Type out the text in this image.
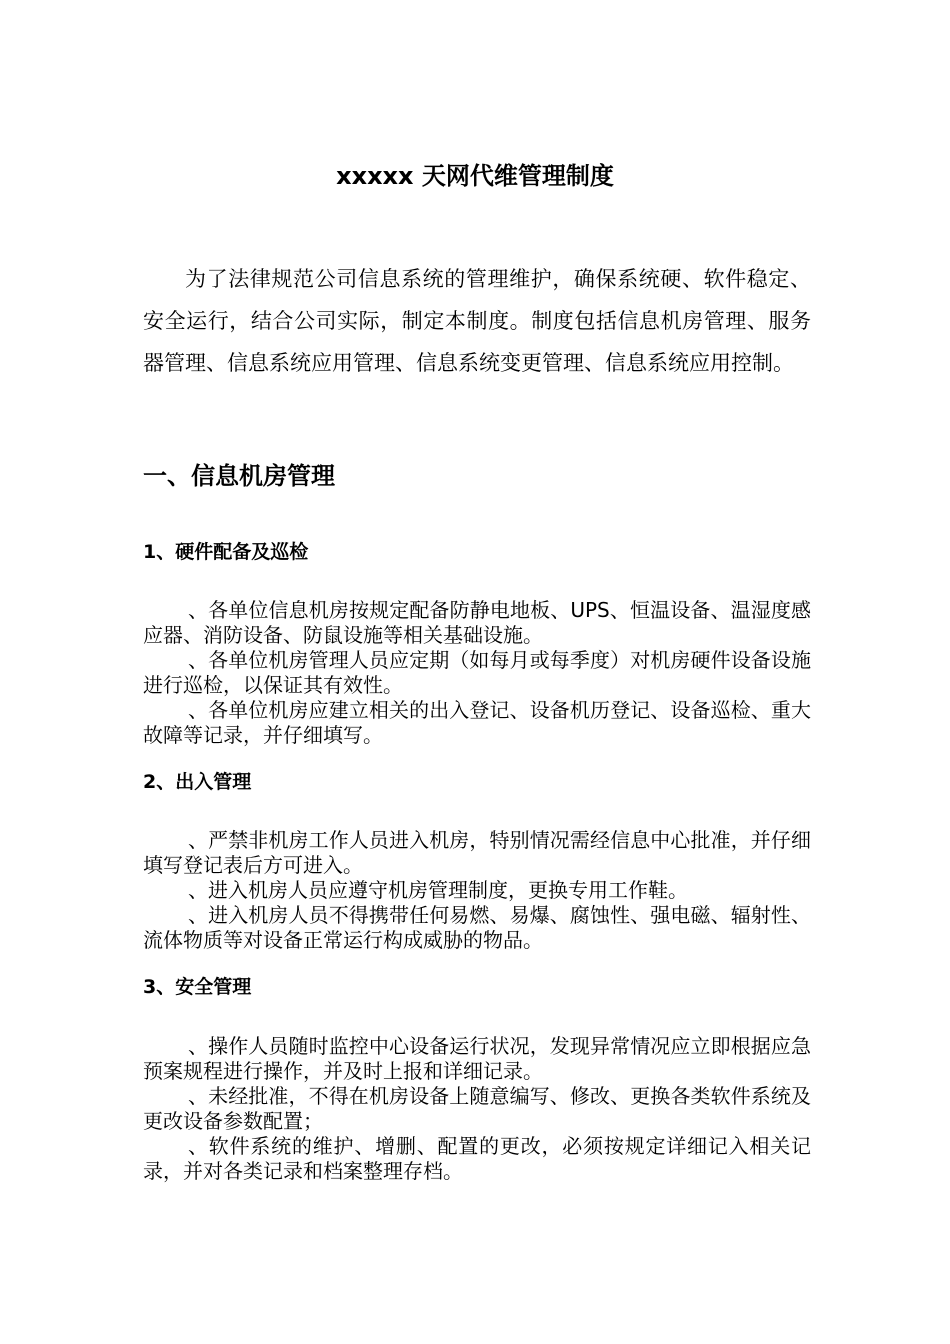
xxxxx 天网代维管理制度

为了法律规范公司信息系统的管理维护，确保系统硬、软件稳定、安全运行，结合公司实际，制定本制度。制度包括信息机房管理、服务器管理、信息系统应用管理、信息系统变更管理、信息系统应用控制。

一、信息机房管理
1、硬件配备及巡检
、各单位信息机房按规定配备防静电地板、UPS、恒温设备、温湿度感应器、消防设备、防鼠设施等相关基础设施。
、各单位机房管理人员应定期（如每月或每季度）对机房硬件设备设施进行巡检，以保证其有效性。
、各单位机房应建立相关的出入登记、设备机历登记、设备巡检、重大故障等记录，并仔细填写。
2、出入管理
、严禁非机房工作人员进入机房，特别情况需经信息中心批准，并仔细填写登记表后方可进入。
、进入机房人员应遵守机房管理制度，更换专用工作鞋。
、进入机房人员不得携带任何易燃、易爆、腐蚀性、强电磁、辐射性、流体物质等对设备正常运行构成威胁的物品。
3、安全管理
、操作人员随时监控中心设备运行状况，发现异常情况应立即根据应急预案规程进行操作，并及时上报和详细记录。
、未经批准，不得在机房设备上随意编写、修改、更换各类软件系统及更改设备参数配置；
、软件系统的维护、增删、配置的更改，必须按规定详细记入相关记录，并对各类记录和档案整理存档。
